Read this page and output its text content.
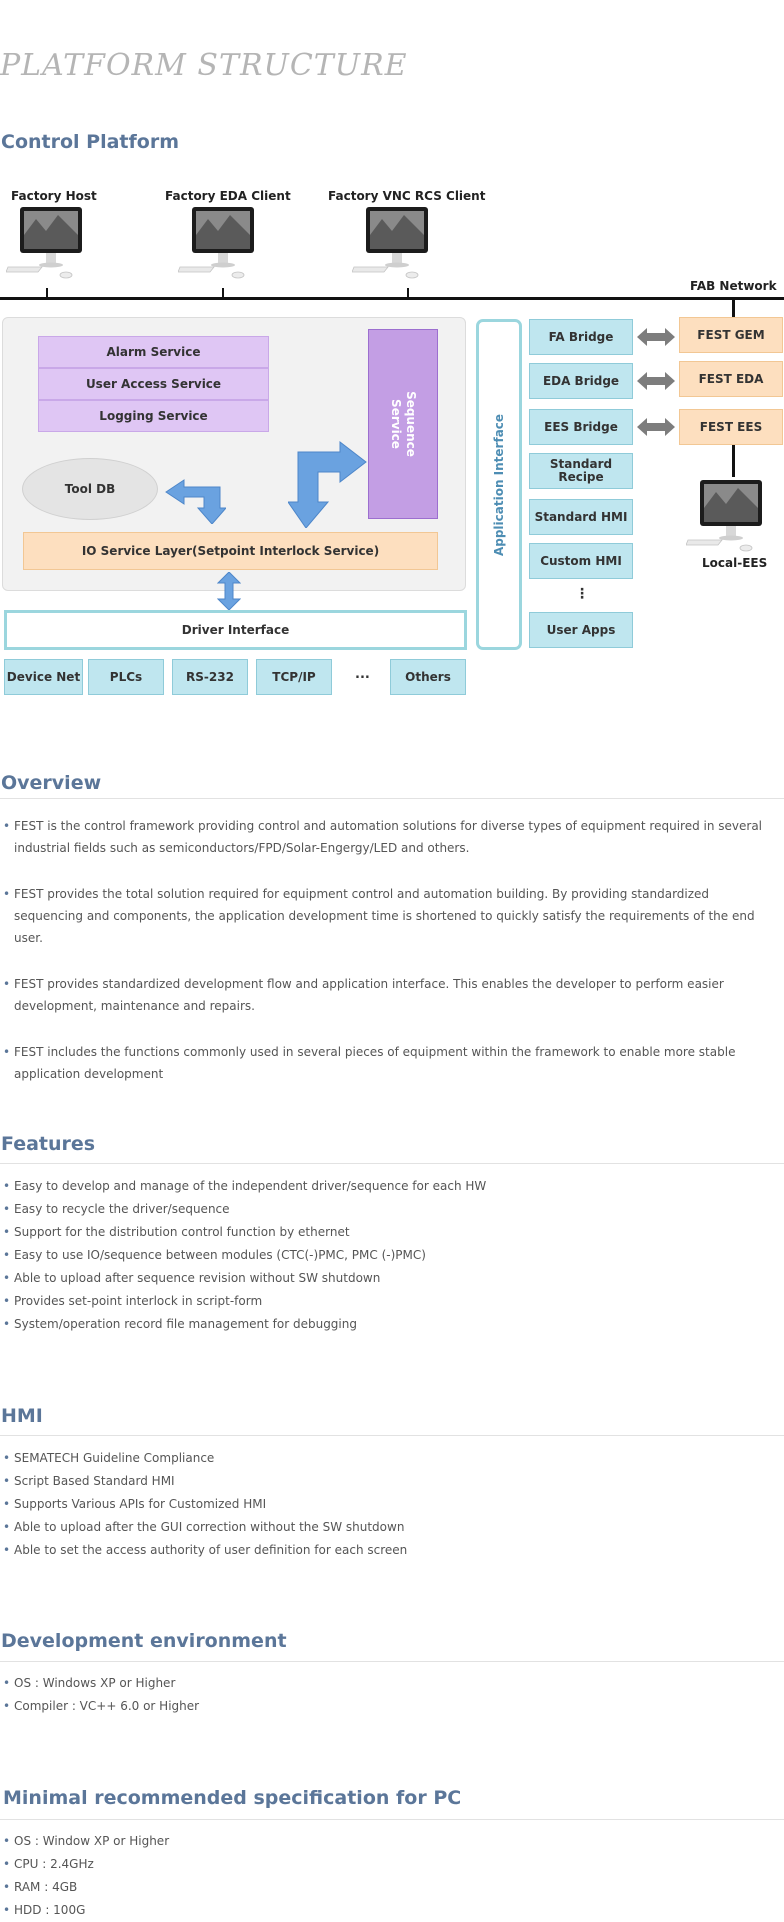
PLATFORM STRUCTURE
Control Platform
Factory Host	Factory EDA Client	Factory VNC RCS Client
FAB Network
Alarm Service
User Access Service
Logging Service	Sequence Service
Tool DB
IO Service Layer(Setpoint Interlock Service)
Driver Interface
Device Net	PLCs	RS-232	TCP/IP	...	Others
Application Interface
FA Bridge
EDA Bridge
EES Bridge
Standard Recipe
Standard HMI
Custom HMI
⋮
User Apps
FEST GEM
FEST EDA
FEST EES
Local-EES
Overview
• FEST is the control framework providing control and automation solutions for diverse types of equipment required in several industrial fields such as semiconductors/FPD/Solar-Engergy/LED and others.
• FEST provides the total solution required for equipment control and automation building. By providing standardized sequencing and components, the application development time is shortened to quickly satisfy the requirements of the end user.
• FEST provides standardized development flow and application interface. This enables the developer to perform easier development, maintenance and repairs.
• FEST includes the functions commonly used in several pieces of equipment within the framework to enable more stable application development
Features
• Easy to develop and manage of the independent driver/sequence for each HW
• Easy to recycle the driver/sequence
• Support for the distribution control function by ethernet
• Easy to use IO/sequence between modules (CTC(-)PMC, PMC (-)PMC)
• Able to upload after sequence revision without SW shutdown
• Provides set-point interlock in script-form
• System/operation record file management for debugging
HMI
• SEMATECH Guideline Compliance
• Script Based Standard HMI
• Supports Various APIs for Customized HMI
• Able to upload after the GUI correction without the SW shutdown
• Able to set the access authority of user definition for each screen
Development environment
• OS : Windows XP or Higher
• Compiler : VC++ 6.0 or Higher
Minimal recommended specification for PC
• OS : Window XP or Higher
• CPU : 2.4GHz
• RAM : 4GB
• HDD : 100G
